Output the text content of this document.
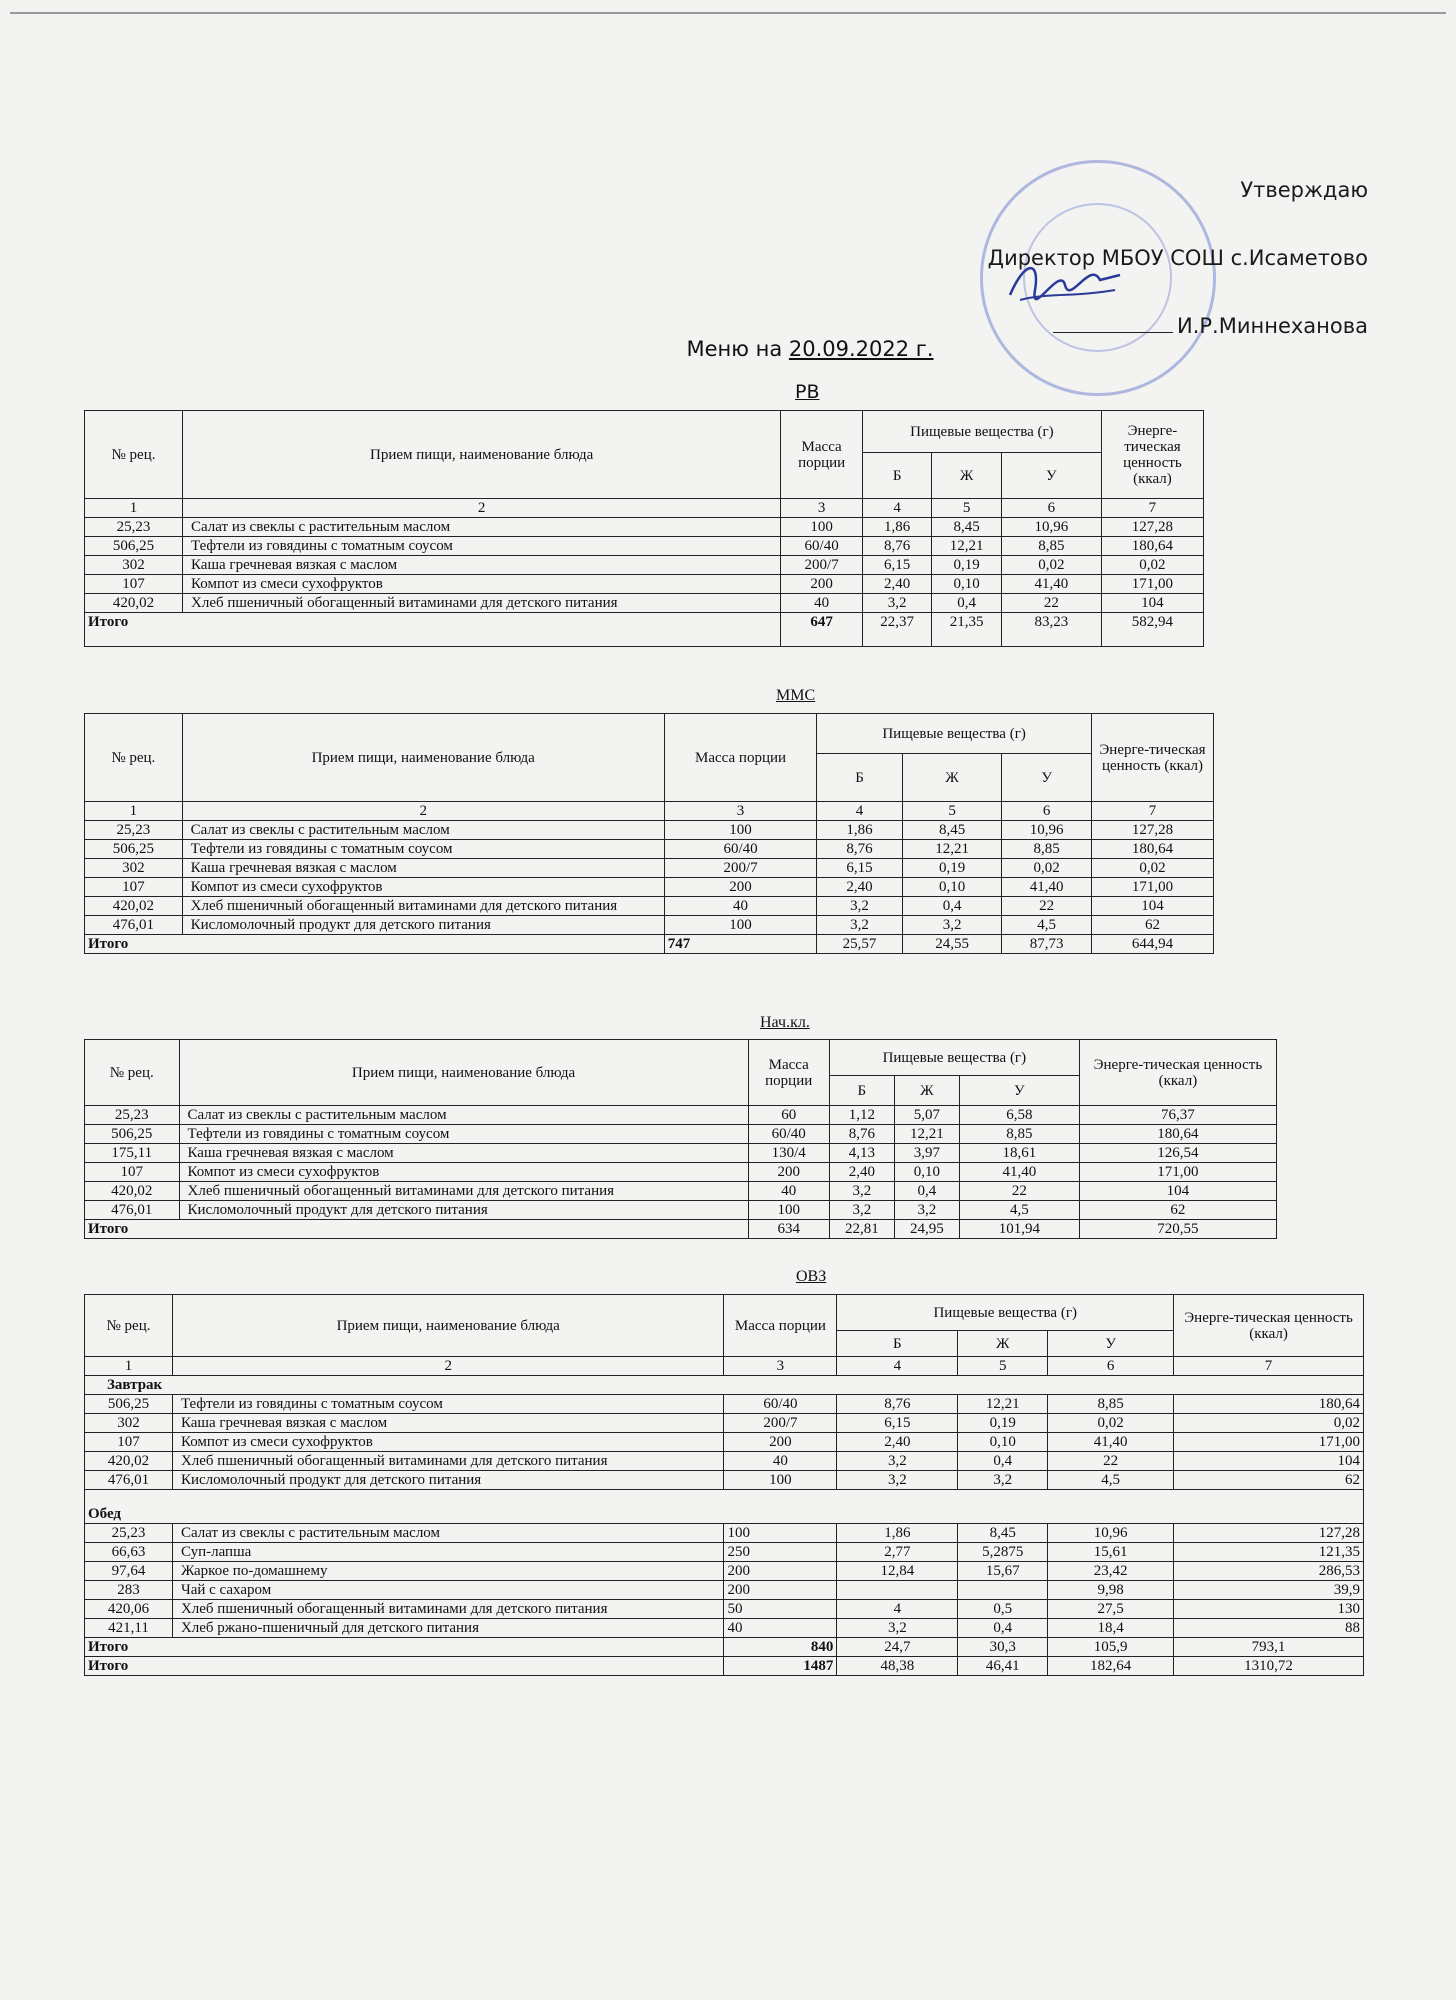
Утверждаю
Директор МБОУ СОШ с.Исаметово
И.Р.Миннеханова
Меню на 20.09.2022 г.
РВ
№ рец.	Прием пищи, наименование блюда	Масса порции	Пищевые вещества (г)			Энерге-тическая ценность (ккал)
			Б	Ж	У	
1	2	3	4	5	6	7
25,23	Салат из свеклы с растительным маслом	100	1,86	8,45	10,96	127,28
506,25	Тефтели из говядины с томатным соусом	60/40	8,76	12,21	8,85	180,64
302	Каша гречневая вязкая с маслом	200/7	6,15	0,19	0,02	0,02
107	Компот из смеси сухофруктов	200	2,40	0,10	41,40	171,00
420,02	Хлеб пшеничный обогащенный витаминами для детского питания	40	3,2	0,4	22	104
Итого		647	22,37	21,35	83,23	582,94
ММС
№ рец.	Прием пищи, наименование блюда	Масса порции	Пищевые вещества (г)			Энерге-тическая ценность (ккал)
			Б	Ж	У	
1	2	3	4	5	6	7
25,23	Салат из свеклы с растительным маслом	100	1,86	8,45	10,96	127,28
506,25	Тефтели из говядины с томатным соусом	60/40	8,76	12,21	8,85	180,64
302	Каша гречневая вязкая с маслом	200/7	6,15	0,19	0,02	0,02
107	Компот из смеси сухофруктов	200	2,40	0,10	41,40	171,00
420,02	Хлеб пшеничный обогащенный витаминами для детского питания	40	3,2	0,4	22	104
476,01	Кисломолочный продукт для детского питания	100	3,2	3,2	4,5	62
Итого		747	25,57	24,55	87,73	644,94
Нач.кл.
№ рец.	Прием пищи, наименование блюда	Масса порции	Пищевые вещества (г)			Энерге-тическая ценность (ккал)
			Б	Ж	У	
25,23	Салат из свеклы с растительным маслом	60	1,12	5,07	6,58	76,37
506,25	Тефтели из говядины с томатным соусом	60/40	8,76	12,21	8,85	180,64
175,11	Каша гречневая вязкая с маслом	130/4	4,13	3,97	18,61	126,54
107	Компот из смеси сухофруктов	200	2,40	0,10	41,40	171,00
420,02	Хлеб пшеничный обогащенный витаминами для детского питания	40	3,2	0,4	22	104
476,01	Кисломолочный продукт для детского питания	100	3,2	3,2	4,5	62
Итого		634	22,81	24,95	101,94	720,55
ОВЗ
№ рец.	Прием пищи, наименование блюда	Масса порции	Пищевые вещества (г)			Энерге-тическая ценность (ккал)
			Б	Ж	У	
1	2	3	4	5	6	7
Завтрак						
506,25	Тефтели из говядины с томатным соусом	60/40	8,76	12,21	8,85	180,64
302	Каша гречневая вязкая с маслом	200/7	6,15	0,19	0,02	0,02
107	Компот из смеси сухофруктов	200	2,40	0,10	41,40	171,00
420,02	Хлеб пшеничный обогащенный витаминами для детского питания	40	3,2	0,4	22	104
476,01	Кисломолочный продукт для детского питания	100	3,2	3,2	4,5	62
Обед						
25,23	Салат из свеклы с растительным маслом	100	1,86	8,45	10,96	127,28
66,63	Суп-лапша	250	2,77	5,2875	15,61	121,35
97,64	Жаркое по-домашнему	200	12,84	15,67	23,42	286,53
283	Чай с сахаром	200			9,98	39,9
420,06	Хлеб пшеничный обогащенный витаминами для детского питания	50	4	0,5	27,5	130
421,11	Хлеб ржано-пшеничный для детского питания	40	3,2	0,4	18,4	88
Итого		840	24,7	30,3	105,9	793,1
Итого		1487	48,38	46,41	182,64	1310,72
